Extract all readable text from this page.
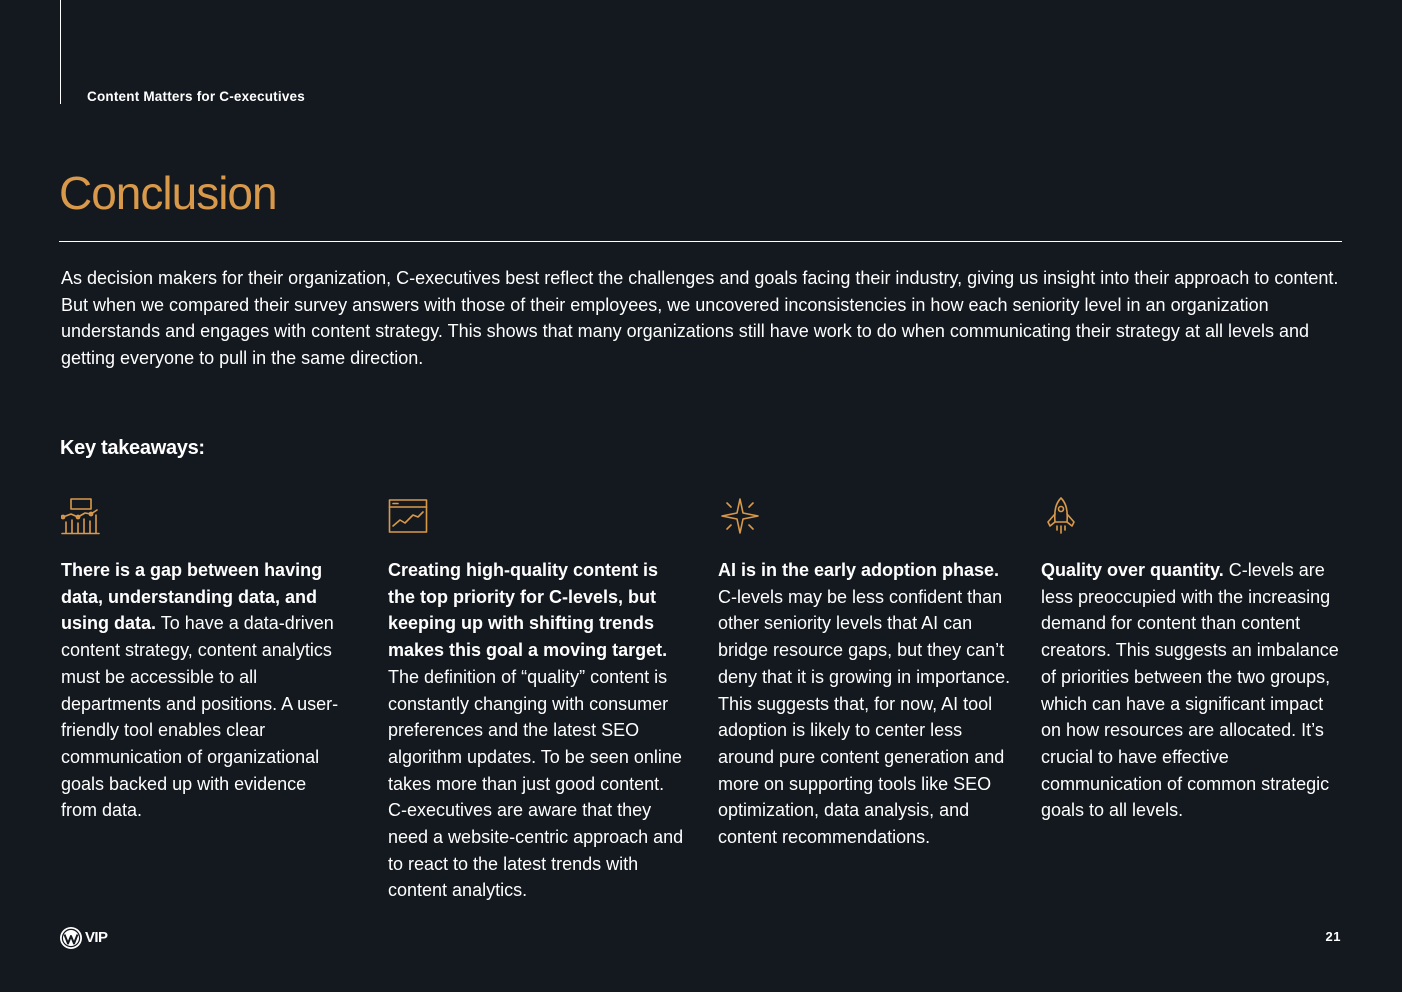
Content Matters for C-executives
Conclusion

As decision makers for their organization, C-executives best reflect the challenges and goals facing their industry, giving us insight into their approach to content. But when we compared their survey answers with those of their employees, we uncovered inconsistencies in how each seniority level in an organization understands and engages with content strategy. This shows that many organizations still have work to do when communicating their strategy at all levels and getting everyone to pull in the same direction.

Key takeaways:

There is a gap between having data, understanding data, and using data. To have a data-driven content strategy, content analytics must be accessible to all departments and positions. A user-friendly tool enables clear communication of organizational goals backed up with evidence from data.

Creating high-quality content is the top priority for C-levels, but keeping up with shifting trends makes this goal a moving target. The definition of “quality” content is constantly changing with consumer preferences and the latest SEO algorithm updates. To be seen online takes more than just good content. C-executives are aware that they need a website-centric approach and to react to the latest trends with content analytics.

AI is in the early adoption phase. C-levels may be less confident than other seniority levels that AI can bridge resource gaps, but they can’t deny that it is growing in importance. This suggests that, for now, AI tool adoption is likely to center less around pure content generation and more on supporting tools like SEO optimization, data analysis, and content recommendations.

Quality over quantity. C-levels are less preoccupied with the increasing demand for content than content creators. This suggests an imbalance of priorities between the two groups, which can have a significant impact on how resources are allocated. It’s crucial to have effective communication of common strategic goals to all levels.

VIP	21
